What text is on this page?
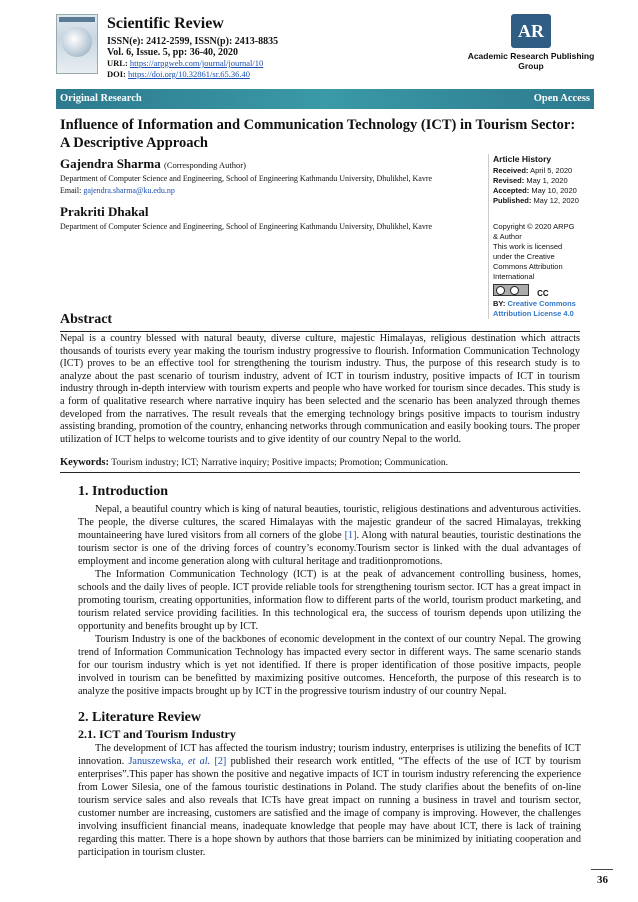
Scientific Review
ISSN(e): 2412-2599, ISSN(p): 2413-8835
Vol. 6, Issue. 5, pp: 36-40, 2020
URL: https://arpgweb.com/journal/journal/10
DOI: https://doi.org/10.32861/sr.65.36.40
AR
Academic Research Publishing
Group
Original Research	Open Access
Influence of Information and Communication Technology (ICT) in Tourism Sector: A Descriptive Approach
Gajendra Sharma (Corresponding Author)
Department of Computer Science and Engineering, School of Engineering Kathmandu University, Dhulikhel, Kavre
Email: gajendra.sharma@ku.edu.np
Prakriti Dhakal
Department of Computer Science and Engineering, School of Engineering Kathmandu University, Dhulikhel, Kavre
Article History
Received: April 5, 2020
Revised: May 1, 2020
Accepted: May 10, 2020
Published: May 12, 2020
Copyright © 2020 ARPG & Author
This work is licensed under the Creative Commons Attribution International
CC
BY: Creative Commons Attribution License 4.0
Abstract
Nepal is a country blessed with natural beauty, diverse culture, majestic Himalayas, religious destination which attracts thousands of tourists every year making the tourism industry progressive to flourish. Information Communication Technology (ICT) proves to be an effective tool for strengthening the tourism industry. Thus, the purpose of this research study is to analyze about the past scenario of tourism industry, advent of ICT in tourism industry, positive impacts of ICT in tourism industry through in-depth interview with tourism experts and people who have worked for tourism since decades. This study is a form of qualitative research where narrative inquiry has been selected and the scenario has been analyzed through themes developed from the narratives. The result reveals that the emerging technology brings positive impacts to tourism industry assisting branding, promotion of the country, enhancing networks through communication and easily booking tours. The proper utilization of ICT helps to welcome tourists and to give identity of our country Nepal to the world.
Keywords: Tourism industry; ICT; Narrative inquiry; Positive impacts; Promotion; Communication.
1. Introduction

Nepal, a beautiful country which is king of natural beauties, touristic, religious destinations and adventurous activities. The people, the diverse cultures, the scared Himalayas with the majestic grandeur of the sacred Himalayas, trekking mountaineering have lured visitors from all corners of the globe [1]. Along with natural beauties, touristic destinations the tourism sector is one of the driving forces of country’s economy.Tourism sector is linked with the dual advantages of employment and income generation along with cultural heritage and traditionpromotions.

The Information Communication Technology (ICT) is at the peak of advancement controlling business, homes, schools and the daily lives of people. ICT provide reliable tools for strengthening tourism sector. ICT has a great impact in promoting tourism, creating opportunities, information flow to different parts of the world, tourism product marketing, and tourism related service providing facilities. In this technological era, the success of tourism depends upon utilizing the opportunity and benefits brought up by ICT.

Tourism Industry is one of the backbones of economic development in the context of our country Nepal. The growing trend of Information Communication Technology has impacted every sector in different ways. The same scenario stands for our tourism industry which is yet not identified. If there is proper identification of those positive impacts, people involved in tourism can be benefitted by maximizing positive outcomes. Henceforth, the purpose of this research is to analyze the positive impacts brought up by ICT in the progressive tourism industry of our country Nepal.

2. Literature Review
2.1. ICT and Tourism Industry

The development of ICT has affected the tourism industry; tourism industry, enterprises is utilizing the benefits of ICT innovation. Januszewska, et al. [2] published their research work entitled, “The effects of the use of ICT by tourism enterprises”.This paper has shown the positive and negative impacts of ICT in tourism industry referencing the experience from Lower Silesia, one of the famous touristic destinations in Poland. The study clarifies about the benefits of on-line tourism service sales and also reveals that ICTs have great impact on running a business in travel and tourism sector, customer number are increasing, customers are satisfied and the image of company is improving. However, the challenges involving insufficient financial means, inadequate knowledge that people may have about ICT, there is lack of training regarding this matter. There is a hope shown by authors that those barriers can be minimized by initiating cooperation and participation in tourism cluster.

36
